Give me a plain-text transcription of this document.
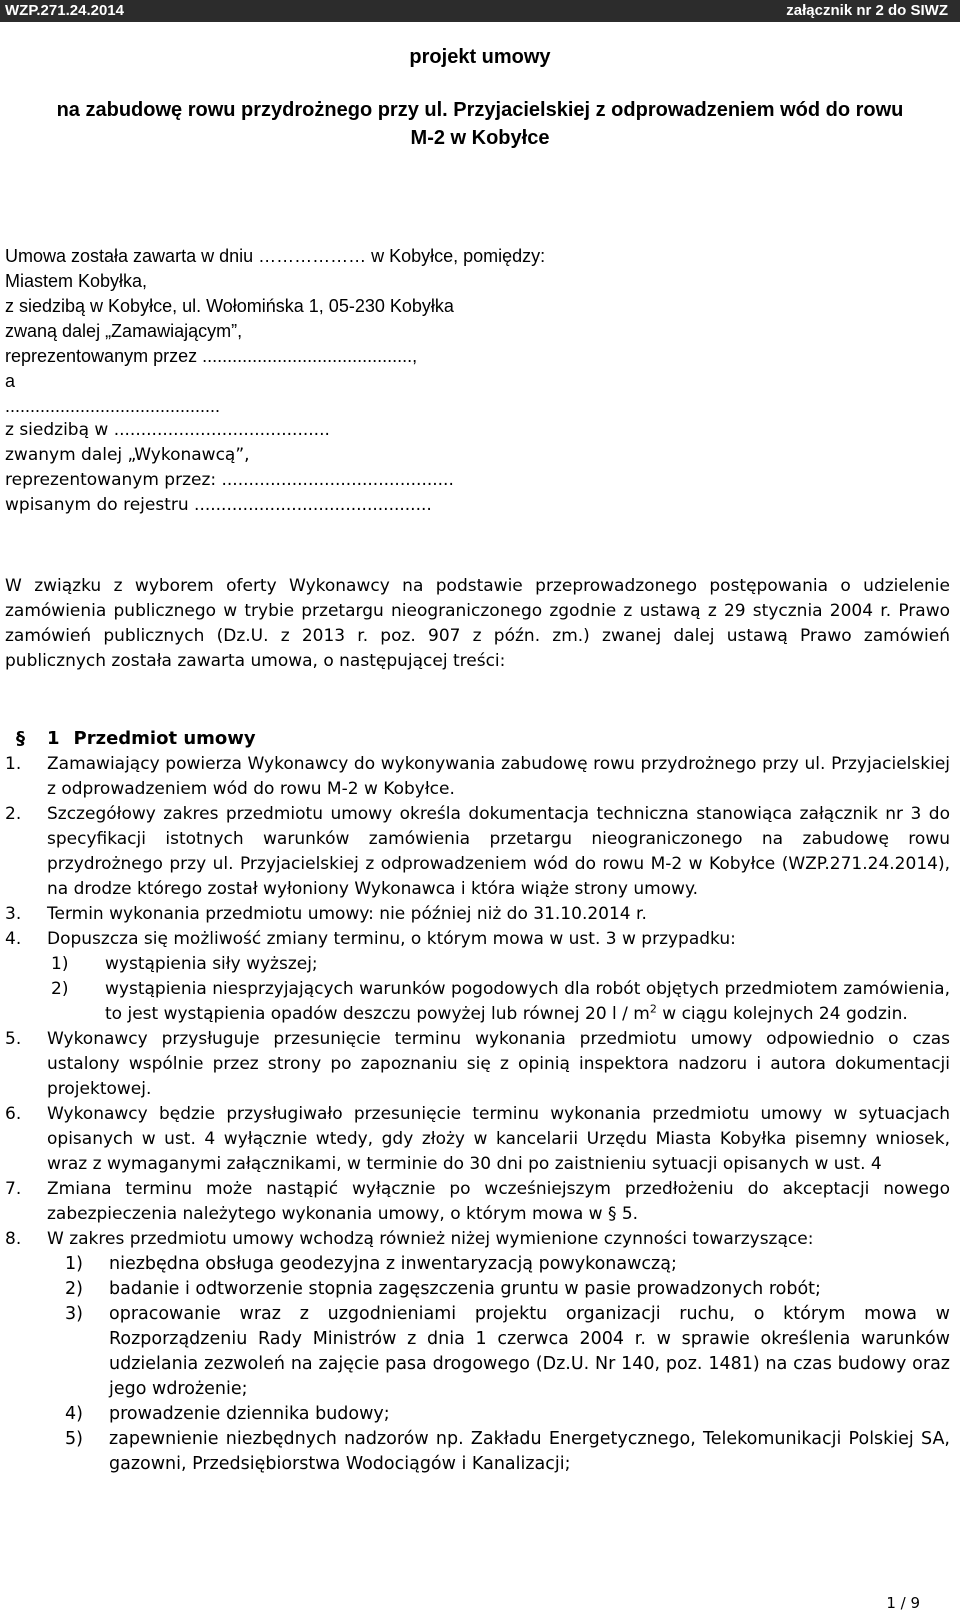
WZP.271.24.2014	załącznik nr 2 do SIWZ
projekt umowy
na zabudowę rowu przydrożnego przy ul. Przyjacielskiej z odprowadzeniem wód do rowu
M-2 w Kobyłce
Umowa została zawarta w dniu ……………… w Kobyłce, pomiędzy:
Miastem Kobyłka,
z siedzibą w Kobyłce, ul. Wołomińska 1, 05-230 Kobyłka
zwaną dalej „Zamawiającym”,
reprezentowanym przez ..........................................,
a
...........................................
z siedzibą w ........................................
zwanym dalej „Wykonawcą”,
reprezentowanym przez: ...........................................
wpisanym do rejestru ............................................
W związku z wyborem oferty Wykonawcy na podstawie przeprowadzonego postępowania o udzielenie zamówienia publicznego w trybie przetargu nieograniczonego zgodnie z ustawą z 29 stycznia 2004 r. Prawo zamówień publicznych (Dz.U. z 2013 r. poz. 907 z późn. zm.) zwanej dalej ustawą Prawo zamówień publicznych została zawarta umowa, o następującej treści:
§ 1 Przedmiot umowy
1. Zamawiający powierza Wykonawcy do wykonywania zabudowę rowu przydrożnego przy ul. Przyjacielskiej z odprowadzeniem wód do rowu M-2 w Kobyłce.
2. Szczegółowy zakres przedmiotu umowy określa dokumentacja techniczna stanowiąca załącznik nr 3 do specyfikacji istotnych warunków zamówienia przetargu nieograniczonego na zabudowę rowu przydrożnego przy ul. Przyjacielskiej z odprowadzeniem wód do rowu M-2 w Kobyłce (WZP.271.24.2014), na drodze którego został wyłoniony Wykonawca i która wiąże strony umowy.
3. Termin wykonania przedmiotu umowy: nie później niż do 31.10.2014 r.
4. Dopuszcza się możliwość zmiany terminu, o którym mowa w ust. 3 w przypadku:
1) wystąpienia siły wyższej;
2) wystąpienia niesprzyjających warunków pogodowych dla robót objętych przedmiotem zamówienia, to jest wystąpienia opadów deszczu powyżej lub równej 20 l / $m^2$ w ciągu kolejnych 24 godzin.
5. Wykonawcy przysługuje przesunięcie terminu wykonania przedmiotu umowy odpowiednio o czas ustalony wspólnie przez strony po zapoznaniu się z opinią inspektora nadzoru i autora dokumentacji projektowej.
6. Wykonawcy będzie przysługiwało przesunięcie terminu wykonania przedmiotu umowy w sytuacjach opisanych w ust. 4 wyłącznie wtedy, gdy złoży w kancelarii Urzędu Miasta Kobyłka pisemny wniosek, wraz z wymaganymi załącznikami, w terminie do 30 dni po zaistnieniu sytuacji opisanych w ust. 4
7. Zmiana terminu może nastąpić wyłącznie po wcześniejszym przedłożeniu do akceptacji nowego zabezpieczenia należytego wykonania umowy, o którym mowa w § 5.
8. W zakres przedmiotu umowy wchodzą również niżej wymienione czynności towarzyszące:
1) niezbędna obsługa geodezyjna z inwentaryzacją powykonawczą;
2) badanie i odtworzenie stopnia zagęszczenia gruntu w pasie prowadzonych robót;
3) opracowanie wraz z uzgodnieniami projektu organizacji ruchu, o którym mowa w Rozporządzeniu Rady Ministrów z dnia 1 czerwca 2004 r. w sprawie określenia warunków udzielania zezwoleń na zajęcie pasa drogowego (Dz.U. Nr 140, poz. 1481) na czas budowy oraz jego wdrożenie;
4) prowadzenie dziennika budowy;
5) zapewnienie niezbędnych nadzorów np. Zakładu Energetycznego, Telekomunikacji Polskiej SA, gazowni, Przedsiębiorstwa Wodociągów i Kanalizacji;
1 / 9
